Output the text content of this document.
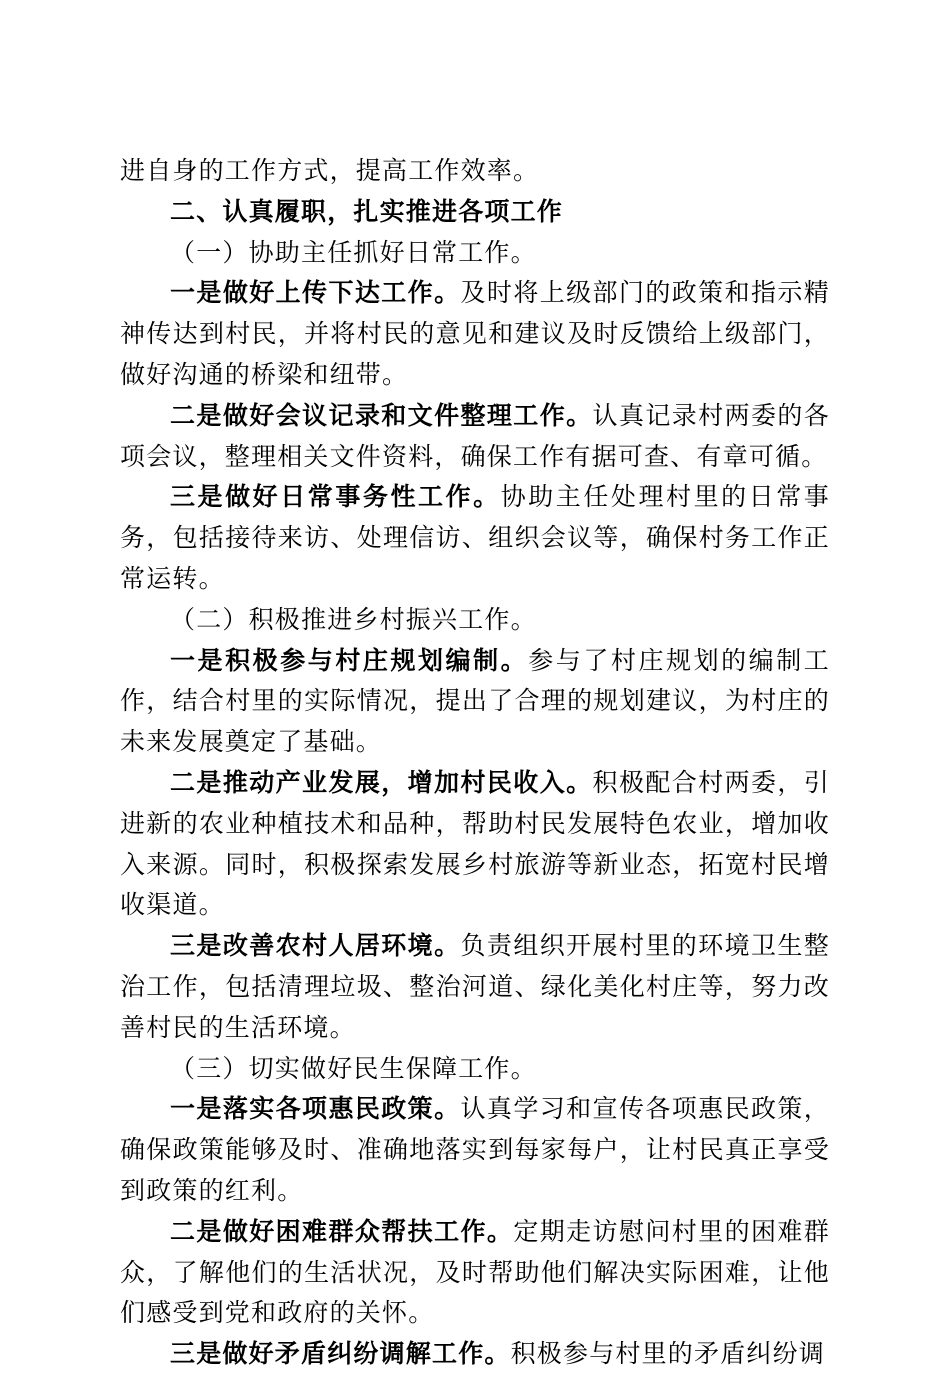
进自身的工作方式，提高工作效率。

二、认真履职，扎实推进各项工作

（一）协助主任抓好日常工作。

一是做好上传下达工作。及时将上级部门的政策和指示精神传达到村民，并将村民的意见和建议及时反馈给上级部门，做好沟通的桥梁和纽带。

二是做好会议记录和文件整理工作。认真记录村两委的各项会议，整理相关文件资料，确保工作有据可查、有章可循。

三是做好日常事务性工作。协助主任处理村里的日常事务，包括接待来访、处理信访、组织会议等，确保村务工作正常运转。

（二）积极推进乡村振兴工作。

一是积极参与村庄规划编制。参与了村庄规划的编制工作，结合村里的实际情况，提出了合理的规划建议，为村庄的未来发展奠定了基础。

二是推动产业发展，增加村民收入。积极配合村两委，引进新的农业种植技术和品种，帮助村民发展特色农业，增加收入来源。同时，积极探索发展乡村旅游等新业态，拓宽村民增收渠道。

三是改善农村人居环境。负责组织开展村里的环境卫生整治工作，包括清理垃圾、整治河道、绿化美化村庄等，努力改善村民的生活环境。

（三）切实做好民生保障工作。

一是落实各项惠民政策。认真学习和宣传各项惠民政策，确保政策能够及时、准确地落实到每家每户，让村民真正享受到政策的红利。

二是做好困难群众帮扶工作。定期走访慰问村里的困难群众，了解他们的生活状况，及时帮助他们解决实际困难，让他们感受到党和政府的关怀。

三是做好矛盾纠纷调解工作。积极参与村里的矛盾纠纷调
